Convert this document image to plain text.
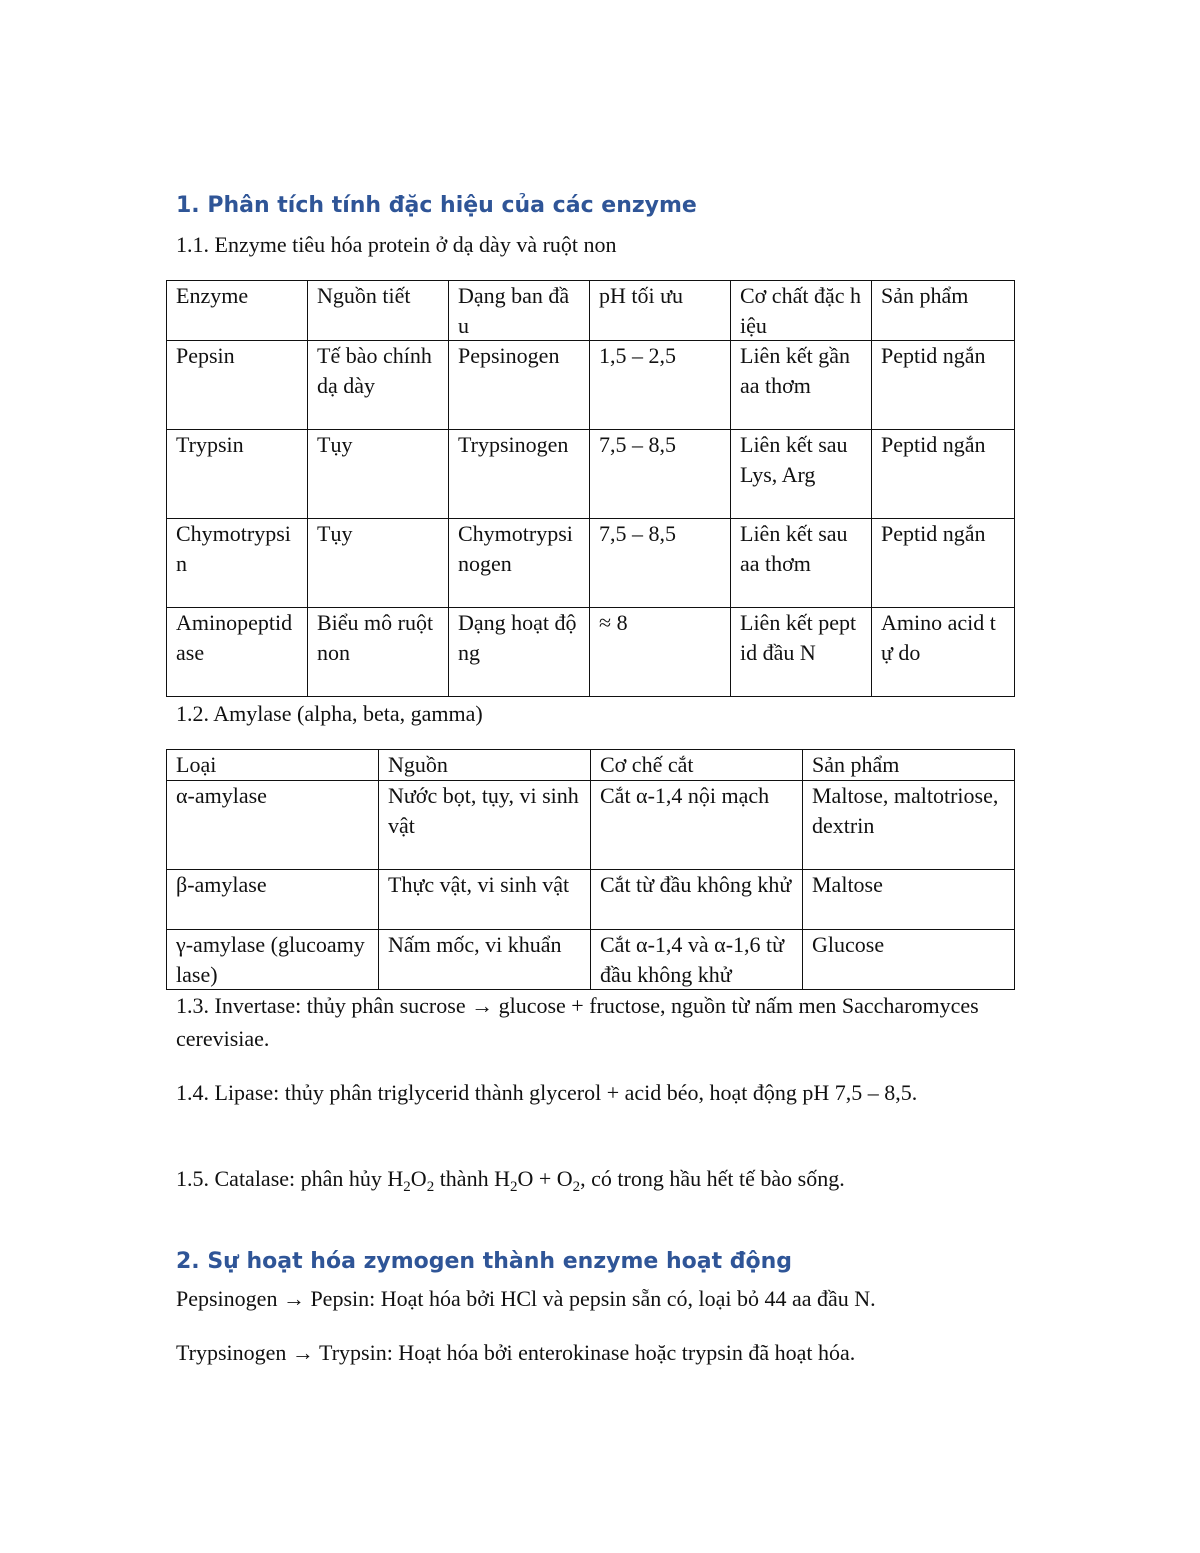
1. Phân tích tính đặc hiệu của các enzyme

1.1. Enzyme tiêu hóa protein ở dạ dày và ruột non

Enzyme	Nguồn tiết	Dạng ban đầu	pH tối ưu	Cơ chất đặc hiệu	Sản phẩm
Pepsin	Tế bào chính dạ dày	Pepsinogen	1,5 – 2,5	Liên kết gần aa thơm	Peptid ngắn
Trypsin	Tụy	Trypsinogen	7,5 – 8,5	Liên kết sau Lys, Arg	Peptid ngắn
Chymotrypsin	Tụy	Chymotrypsinogen	7,5 – 8,5	Liên kết sau aa thơm	Peptid ngắn
Aminopeptidase	Biểu mô ruột non	Dạng hoạt động	≈ 8	Liên kết peptid đầu N	Amino acid tự do

1.2. Amylase (alpha, beta, gamma)

Loại	Nguồn	Cơ chế cắt	Sản phẩm
α-amylase	Nước bọt, tụy, vi sinh vật	Cắt α-1,4 nội mạch	Maltose, maltotriose, dextrin
β-amylase	Thực vật, vi sinh vật	Cắt từ đầu không khử	Maltose
γ-amylase (glucoamylase)	Nấm mốc, vi khuẩn	Cắt α-1,4 và α-1,6 từ đầu không khử	Glucose

1.3. Invertase: thủy phân sucrose → glucose + fructose, nguồn từ nấm men Saccharomyces cerevisiae.

1.4. Lipase: thủy phân triglycerid thành glycerol + acid béo, hoạt động pH 7,5 – 8,5.

1.5. Catalase: phân hủy $H_2O_2$ thành $H_2O + O_2$, có trong hầu hết tế bào sống.

2. Sự hoạt hóa zymogen thành enzyme hoạt động

Pepsinogen → Pepsin: Hoạt hóa bởi HCl và pepsin sẵn có, loại bỏ 44 aa đầu N.

Trypsinogen → Trypsin: Hoạt hóa bởi enterokinase hoặc trypsin đã hoạt hóa.
